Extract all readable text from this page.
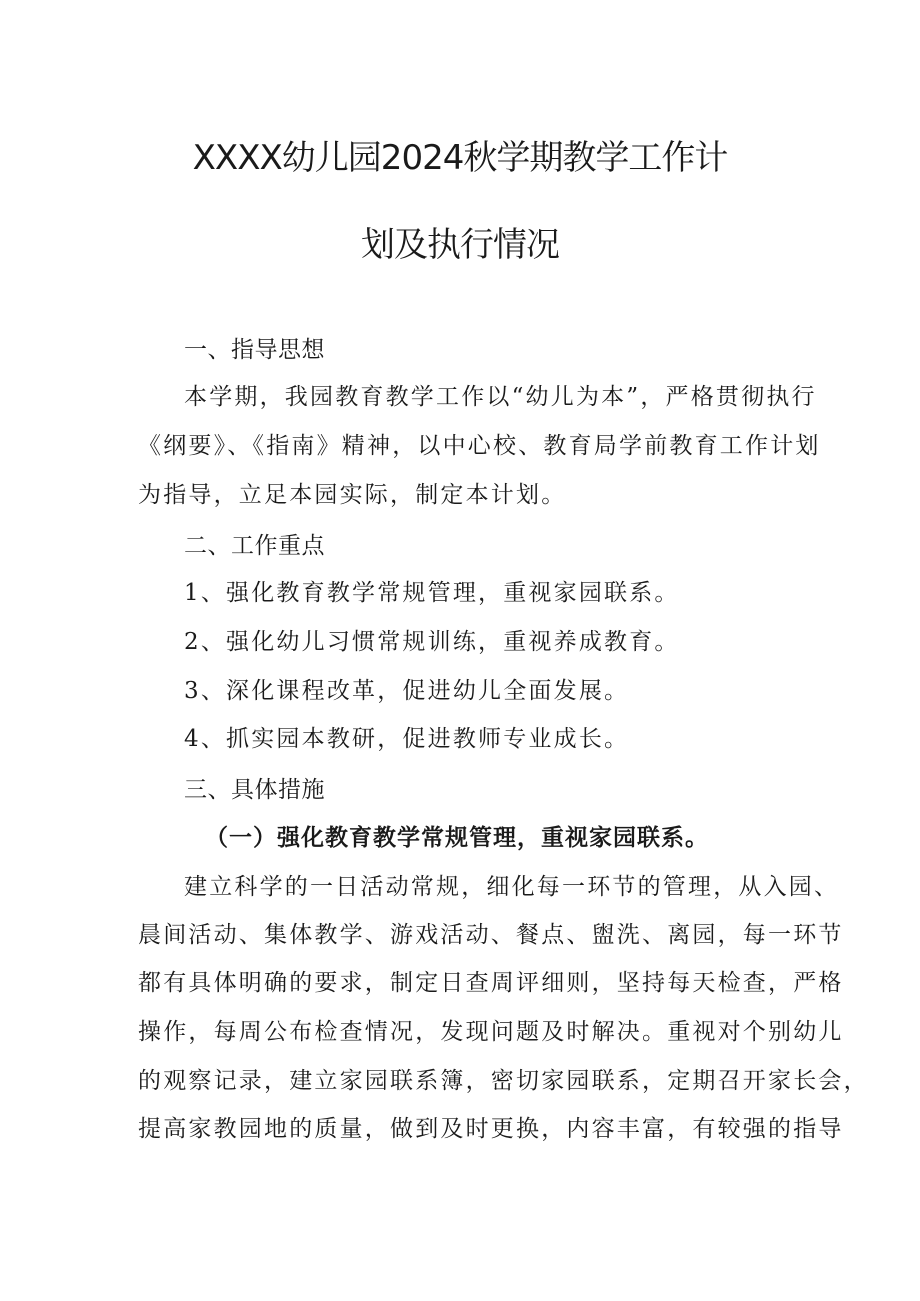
XXXX幼儿园2024秋学期教学工作计
划及执行情况
一、指导思想
本学期，我园教育教学工作以“幼儿为本”，严格贯彻执行
《纲要》、《指南》精神，以中心校、教育局学前教育工作计划
为指导，立足本园实际，制定本计划。
二、工作重点
1、强化教育教学常规管理，重视家园联系。
2、强化幼儿习惯常规训练，重视养成教育。
3、深化课程改革，促进幼儿全面发展。
4、抓实园本教研，促进教师专业成长。
三、具体措施
（一）强化教育教学常规管理，重视家园联系。
建立科学的一日活动常规，细化每一环节的管理，从入园、
晨间活动、集体教学、游戏活动、餐点、盥洗、离园，每一环节
都有具体明确的要求，制定日查周评细则，坚持每天检查，严格
操作，每周公布检查情况，发现问题及时解决。重视对个别幼儿
的观察记录，建立家园联系簿，密切家园联系，定期召开家长会，
提高家教园地的质量，做到及时更换，内容丰富，有较强的指导
